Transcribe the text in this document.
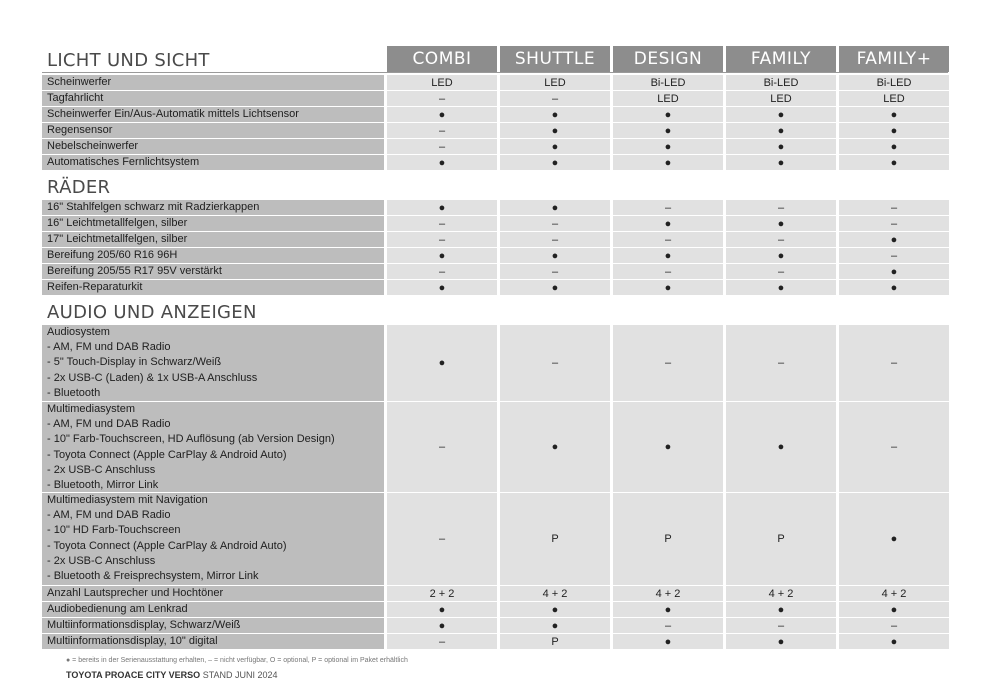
COMBI	SHUTTLE	DESIGN	FAMILY	FAMILY+
LICHT UND SICHT
Scheinwerfer	LED	LED	Bi-LED	Bi-LED	Bi-LED
Tagfahrlicht	–	–	LED	LED	LED
Scheinwerfer Ein/Aus-Automatik mittels Lichtsensor	●	●	●	●	●
Regensensor	–	●	●	●	●
Nebelscheinwerfer	–	●	●	●	●
Automatisches Fernlichtsystem	●	●	●	●	●
RÄDER
16" Stahlfelgen schwarz mit Radzierkappen	●	●	–	–	–
16" Leichtmetallfelgen, silber	–	–	●	●	–
17" Leichtmetallfelgen, silber	–	–	–	–	●
Bereifung 205/60 R16 96H	●	●	●	●	–
Bereifung 205/55 R17 95V verstärkt	–	–	–	–	●
Reifen-Reparaturkit	●	●	●	●	●
AUDIO UND ANZEIGEN
Audiosystem
- AM, FM und DAB Radio
- 5" Touch-Display in Schwarz/Weiß
- 2x USB-C (Laden) & 1x USB-A Anschluss
- Bluetooth
●	–	–	–	–
Multimediasystem
- AM, FM und DAB Radio
- 10" Farb-Touchscreen, HD Auflösung (ab Version Design)
- Toyota Connect (Apple CarPlay & Android Auto)
- 2x USB-C Anschluss
- Bluetooth, Mirror Link
–	●	●	●	–
Multimediasystem mit Navigation
- AM, FM und DAB Radio
- 10" HD Farb-Touchscreen
- Toyota Connect (Apple CarPlay & Android Auto)
- 2x USB-C Anschluss
- Bluetooth & Freisprechsystem, Mirror Link
–	P	P	P	●
Anzahl Lautsprecher und Hochtöner	2 + 2	4 + 2	4 + 2	4 + 2	4 + 2
Audiobedienung am Lenkrad	●	●	●	●	●
Multiinformationsdisplay, Schwarz/Weiß	●	●	–	–	–
Multiinformationsdisplay, 10" digital	–	P	●	●	●
● = bereits in der Serienausstattung erhalten, – = nicht verfügbar, O = optional, P = optional im Paket erhältlich
TOYOTA PROACE CITY VERSO STAND JUNI 2024
